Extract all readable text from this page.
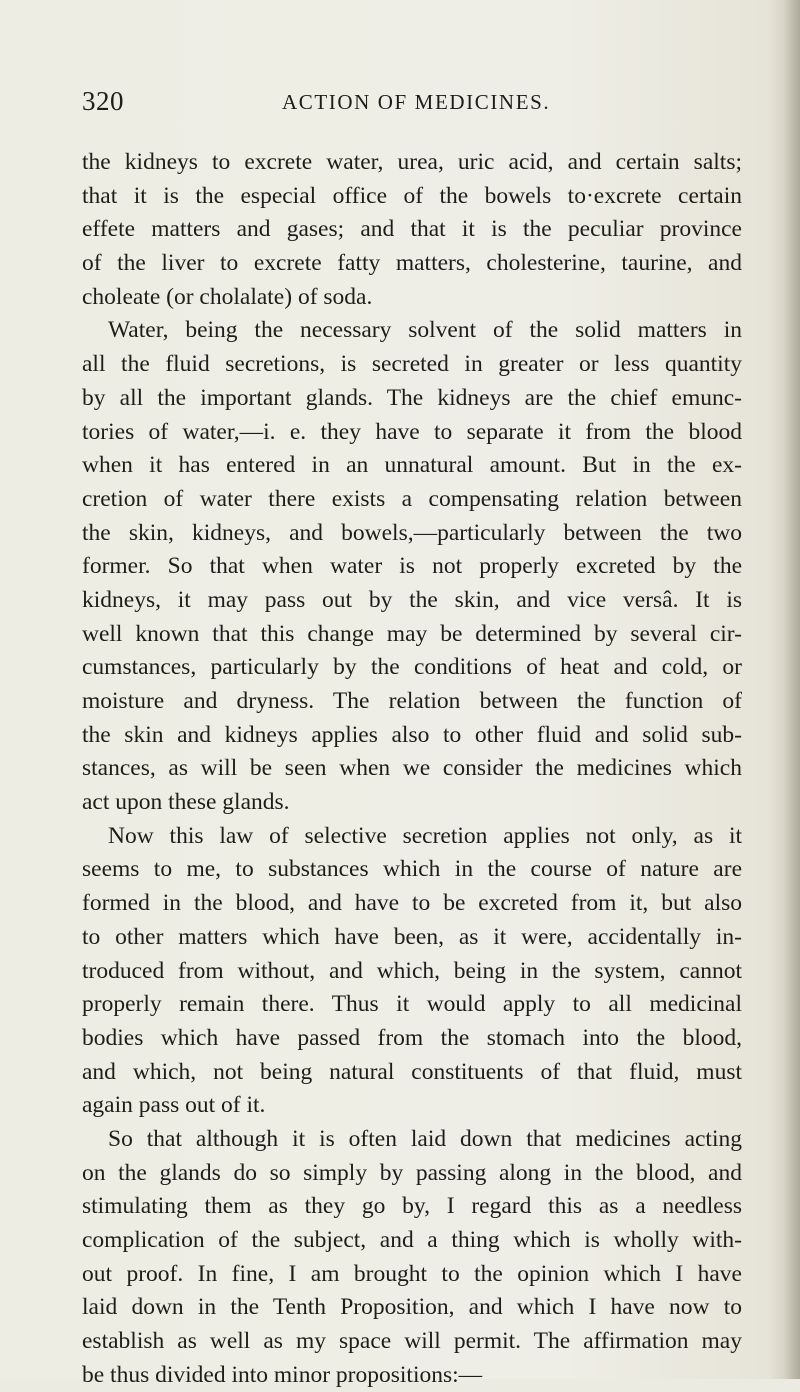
320	ACTION OF MEDICINES.
the kidneys to excrete water, urea, uric acid, and certain salts;
that it is the especial office of the bowels to·excrete certain
effete matters and gases; and that it is the peculiar province
of the liver to excrete fatty matters, cholesterine, taurine, and
choleate (or cholalate) of soda.
Water, being the necessary solvent of the solid matters in
all the fluid secretions, is secreted in greater or less quantity
by all the important glands. The kidneys are the chief emunc-
tories of water,—i. e. they have to separate it from the blood
when it has entered in an unnatural amount. But in the ex-
cretion of water there exists a compensating relation between
the skin, kidneys, and bowels,—particularly between the two
former. So that when water is not properly excreted by the
kidneys, it may pass out by the skin, and vice versâ. It is
well known that this change may be determined by several cir-
cumstances, particularly by the conditions of heat and cold, or
moisture and dryness. The relation between the function of
the skin and kidneys applies also to other fluid and solid sub-
stances, as will be seen when we consider the medicines which
act upon these glands.
Now this law of selective secretion applies not only, as it
seems to me, to substances which in the course of nature are
formed in the blood, and have to be excreted from it, but also
to other matters which have been, as it were, accidentally in-
troduced from without, and which, being in the system, cannot
properly remain there. Thus it would apply to all medicinal
bodies which have passed from the stomach into the blood,
and which, not being natural constituents of that fluid, must
again pass out of it.
So that although it is often laid down that medicines acting
on the glands do so simply by passing along in the blood, and
stimulating them as they go by, I regard this as a needless
complication of the subject, and a thing which is wholly with-
out proof. In fine, I am brought to the opinion which I have
laid down in the Tenth Proposition, and which I have now to
establish as well as my space will permit. The affirmation may
be thus divided into minor propositions:—
